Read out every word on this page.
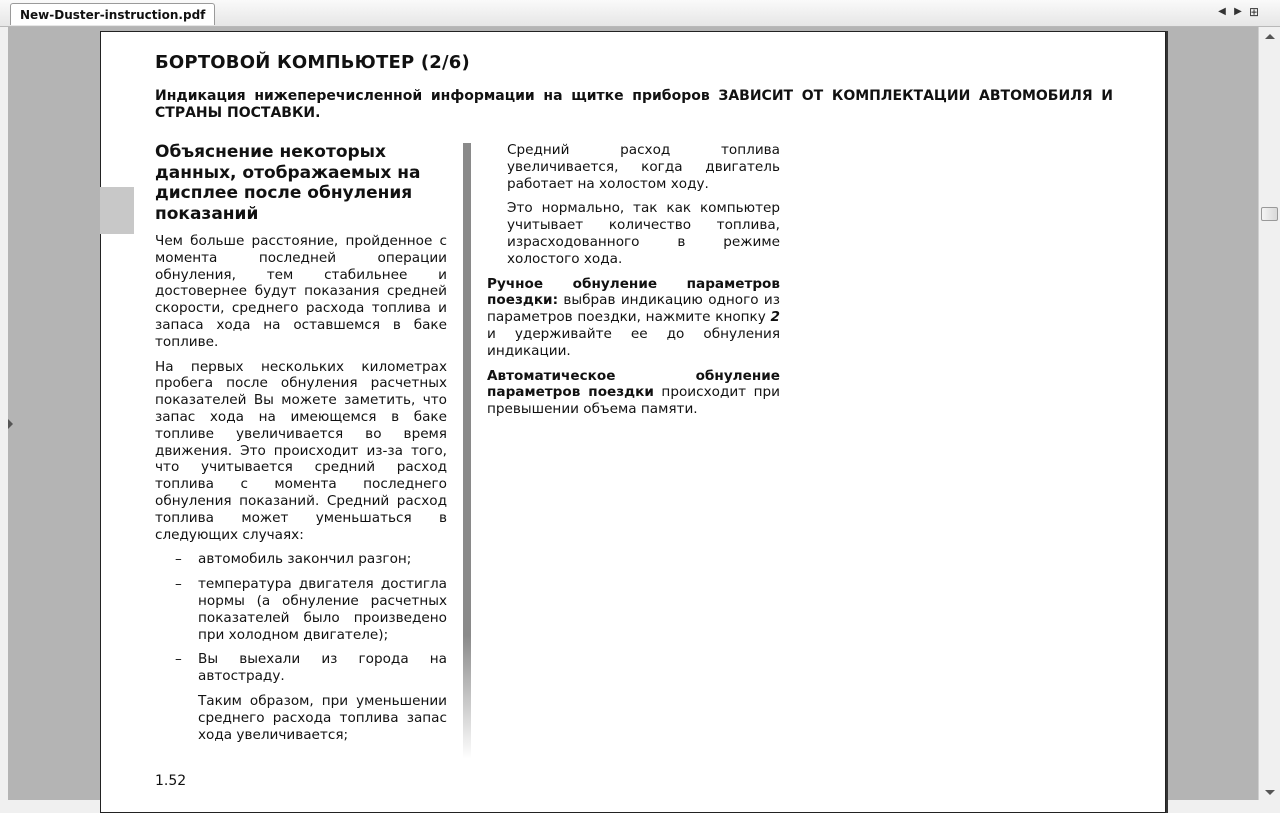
New-Duster-instruction.pdf	◀ ▶ ⊞
БОРТОВОЙ КОМПЬЮТЕР (2/6)
Индикация нижеперечисленной информации на щитке приборов ЗАВИСИТ ОТ КОМПЛЕКТАЦИИ АВТОМОБИЛЯ И СТРАНЫ ПОСТАВКИ.
Объяснение некоторых данных, отображаемых на дисплее после обнуления показаний

Чем больше расстояние, пройденное с момента последней операции обнуления, тем стабильнее и достовернее будут показания средней скорости, среднего расхода топлива и запаса хода на оставшемся в баке топливе.

На первых нескольких километрах пробега после обнуления расчетных показателей Вы можете заметить, что запас хода на имеющемся в баке топливе увеличивается во время движения. Это происходит из-за того, что учитывается средний расход топлива с момента последнего обнуления показаний. Средний расход топлива может уменьшаться в следующих случаях:

– автомобиль закончил разгон;
– температура двигателя достигла нормы (а обнуление расчетных показателей было произведено при холодном двигателе);
– Вы выехали из города на автостраду.
Таким образом, при уменьшении среднего расхода топлива запас хода увеличивается;

Средний расход топлива увеличивается, когда двигатель работает на холостом ходу.

Это нормально, так как компьютер учитывает количество топлива, израсходованного в режиме холостого хода.

Ручное обнуление параметров поездки: выбрав индикацию одного из параметров поездки, нажмите кнопку 2 и удерживайте ее до обнуления индикации.

Автоматическое обнуление параметров поездки происходит при превышении объема памяти.

1.52
